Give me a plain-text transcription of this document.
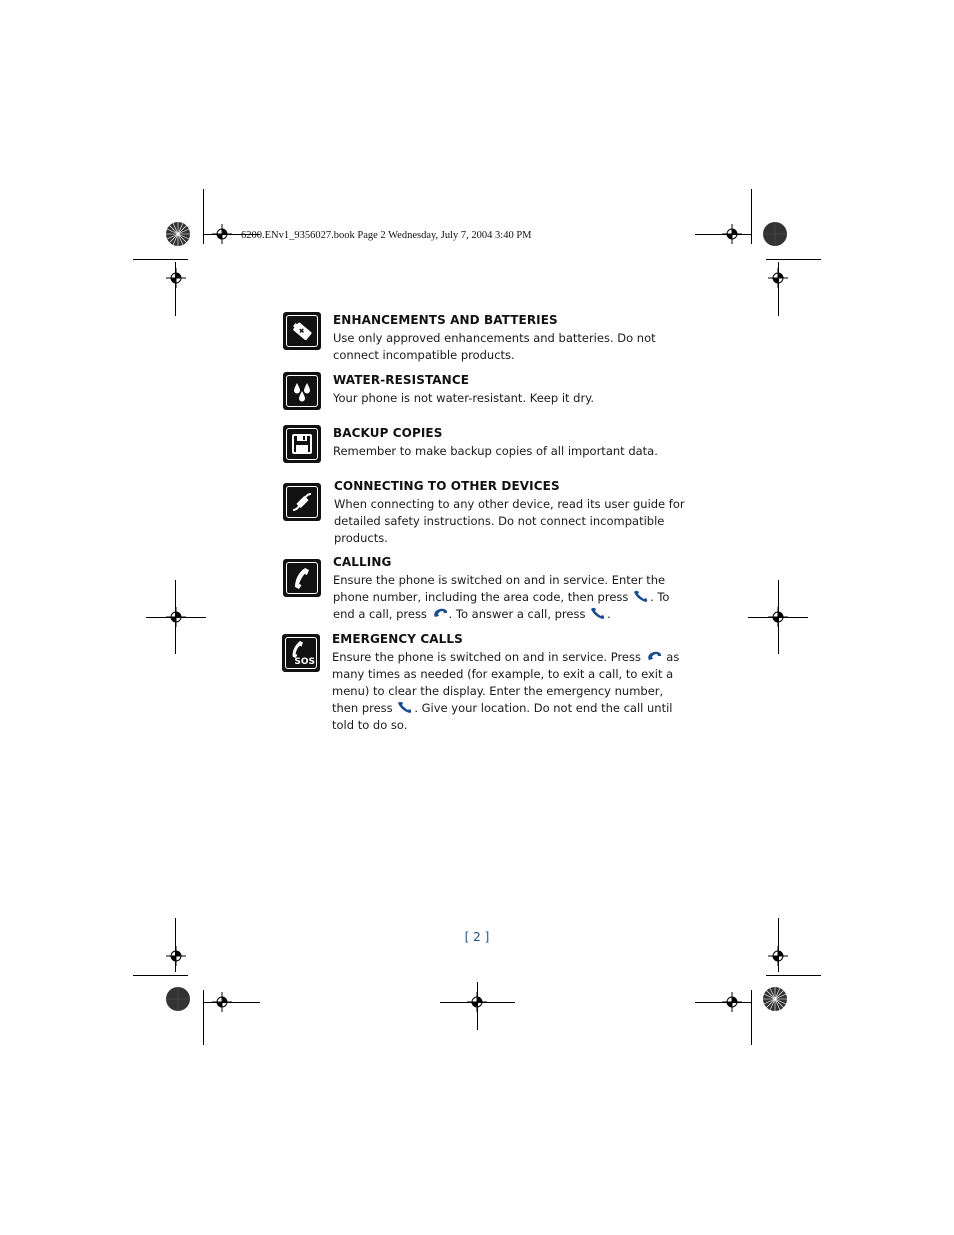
6200.ENv1_9356027.book Page 2 Wednesday, July 7, 2004 3:40 PM

ENHANCEMENTS AND BATTERIES

Use only approved enhancements and batteries. Do not connect incompatible products.

WATER-RESISTANCE

Your phone is not water-resistant. Keep it dry.

BACKUP COPIES

Remember to make backup copies of all important data.

CONNECTING TO OTHER DEVICES

When connecting to any other device, read its user guide for detailed safety instructions. Do not connect incompatible products.

CALLING

Ensure the phone is switched on and in service. Enter the phone number, including the area code, then press . To end a call, press . To answer a call, press .

SOS

EMERGENCY CALLS

Ensure the phone is switched on and in service. Press  as many times as needed (for example, to exit a call, to exit a menu) to clear the display. Enter the emergency number, then press . Give your location. Do not end the call until told to do so.

[ 2 ]
